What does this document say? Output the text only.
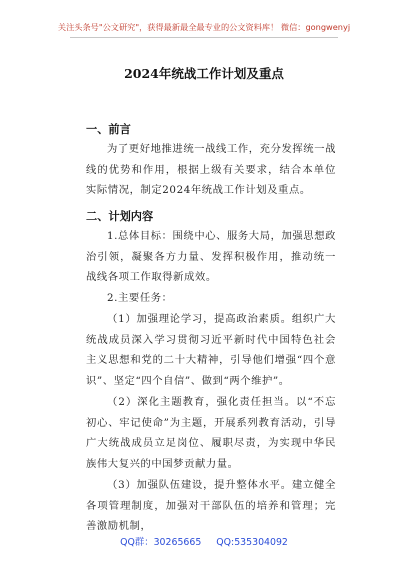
关注头条号"公文研究"，获得最新最全最专业的公文资料库！ 微信：gongwenyj
2024年统战工作计划及重点
一、前言
为了更好地推进统一战线工作，充分发挥统一战线的优势和作用，根据上级有关要求，结合本单位实际情况，制定2024年统战工作计划及重点。
二、计划内容
1.总体目标：围绕中心、服务大局，加强思想政治引领，凝聚各方力量、发挥积极作用，推动统一战线各项工作取得新成效。
2.主要任务：
（1）加强理论学习，提高政治素质。组织广大统战成员深入学习贯彻习近平新时代中国特色社会主义思想和党的二十大精神，引导他们增强“四个意识”、坚定“四个自信”、做到“两个维护”。
（2）深化主题教育，强化责任担当。以“不忘初心、牢记使命”为主题，开展系列教育活动，引导广大统战成员立足岗位、履职尽责，为实现中华民族伟大复兴的中国梦贡献力量。
（3）加强队伍建设，提升整体水平。建立健全各项管理制度，加强对干部队伍的培养和管理；完善激励机制，
QQ群：30265665 QQ:535304092
